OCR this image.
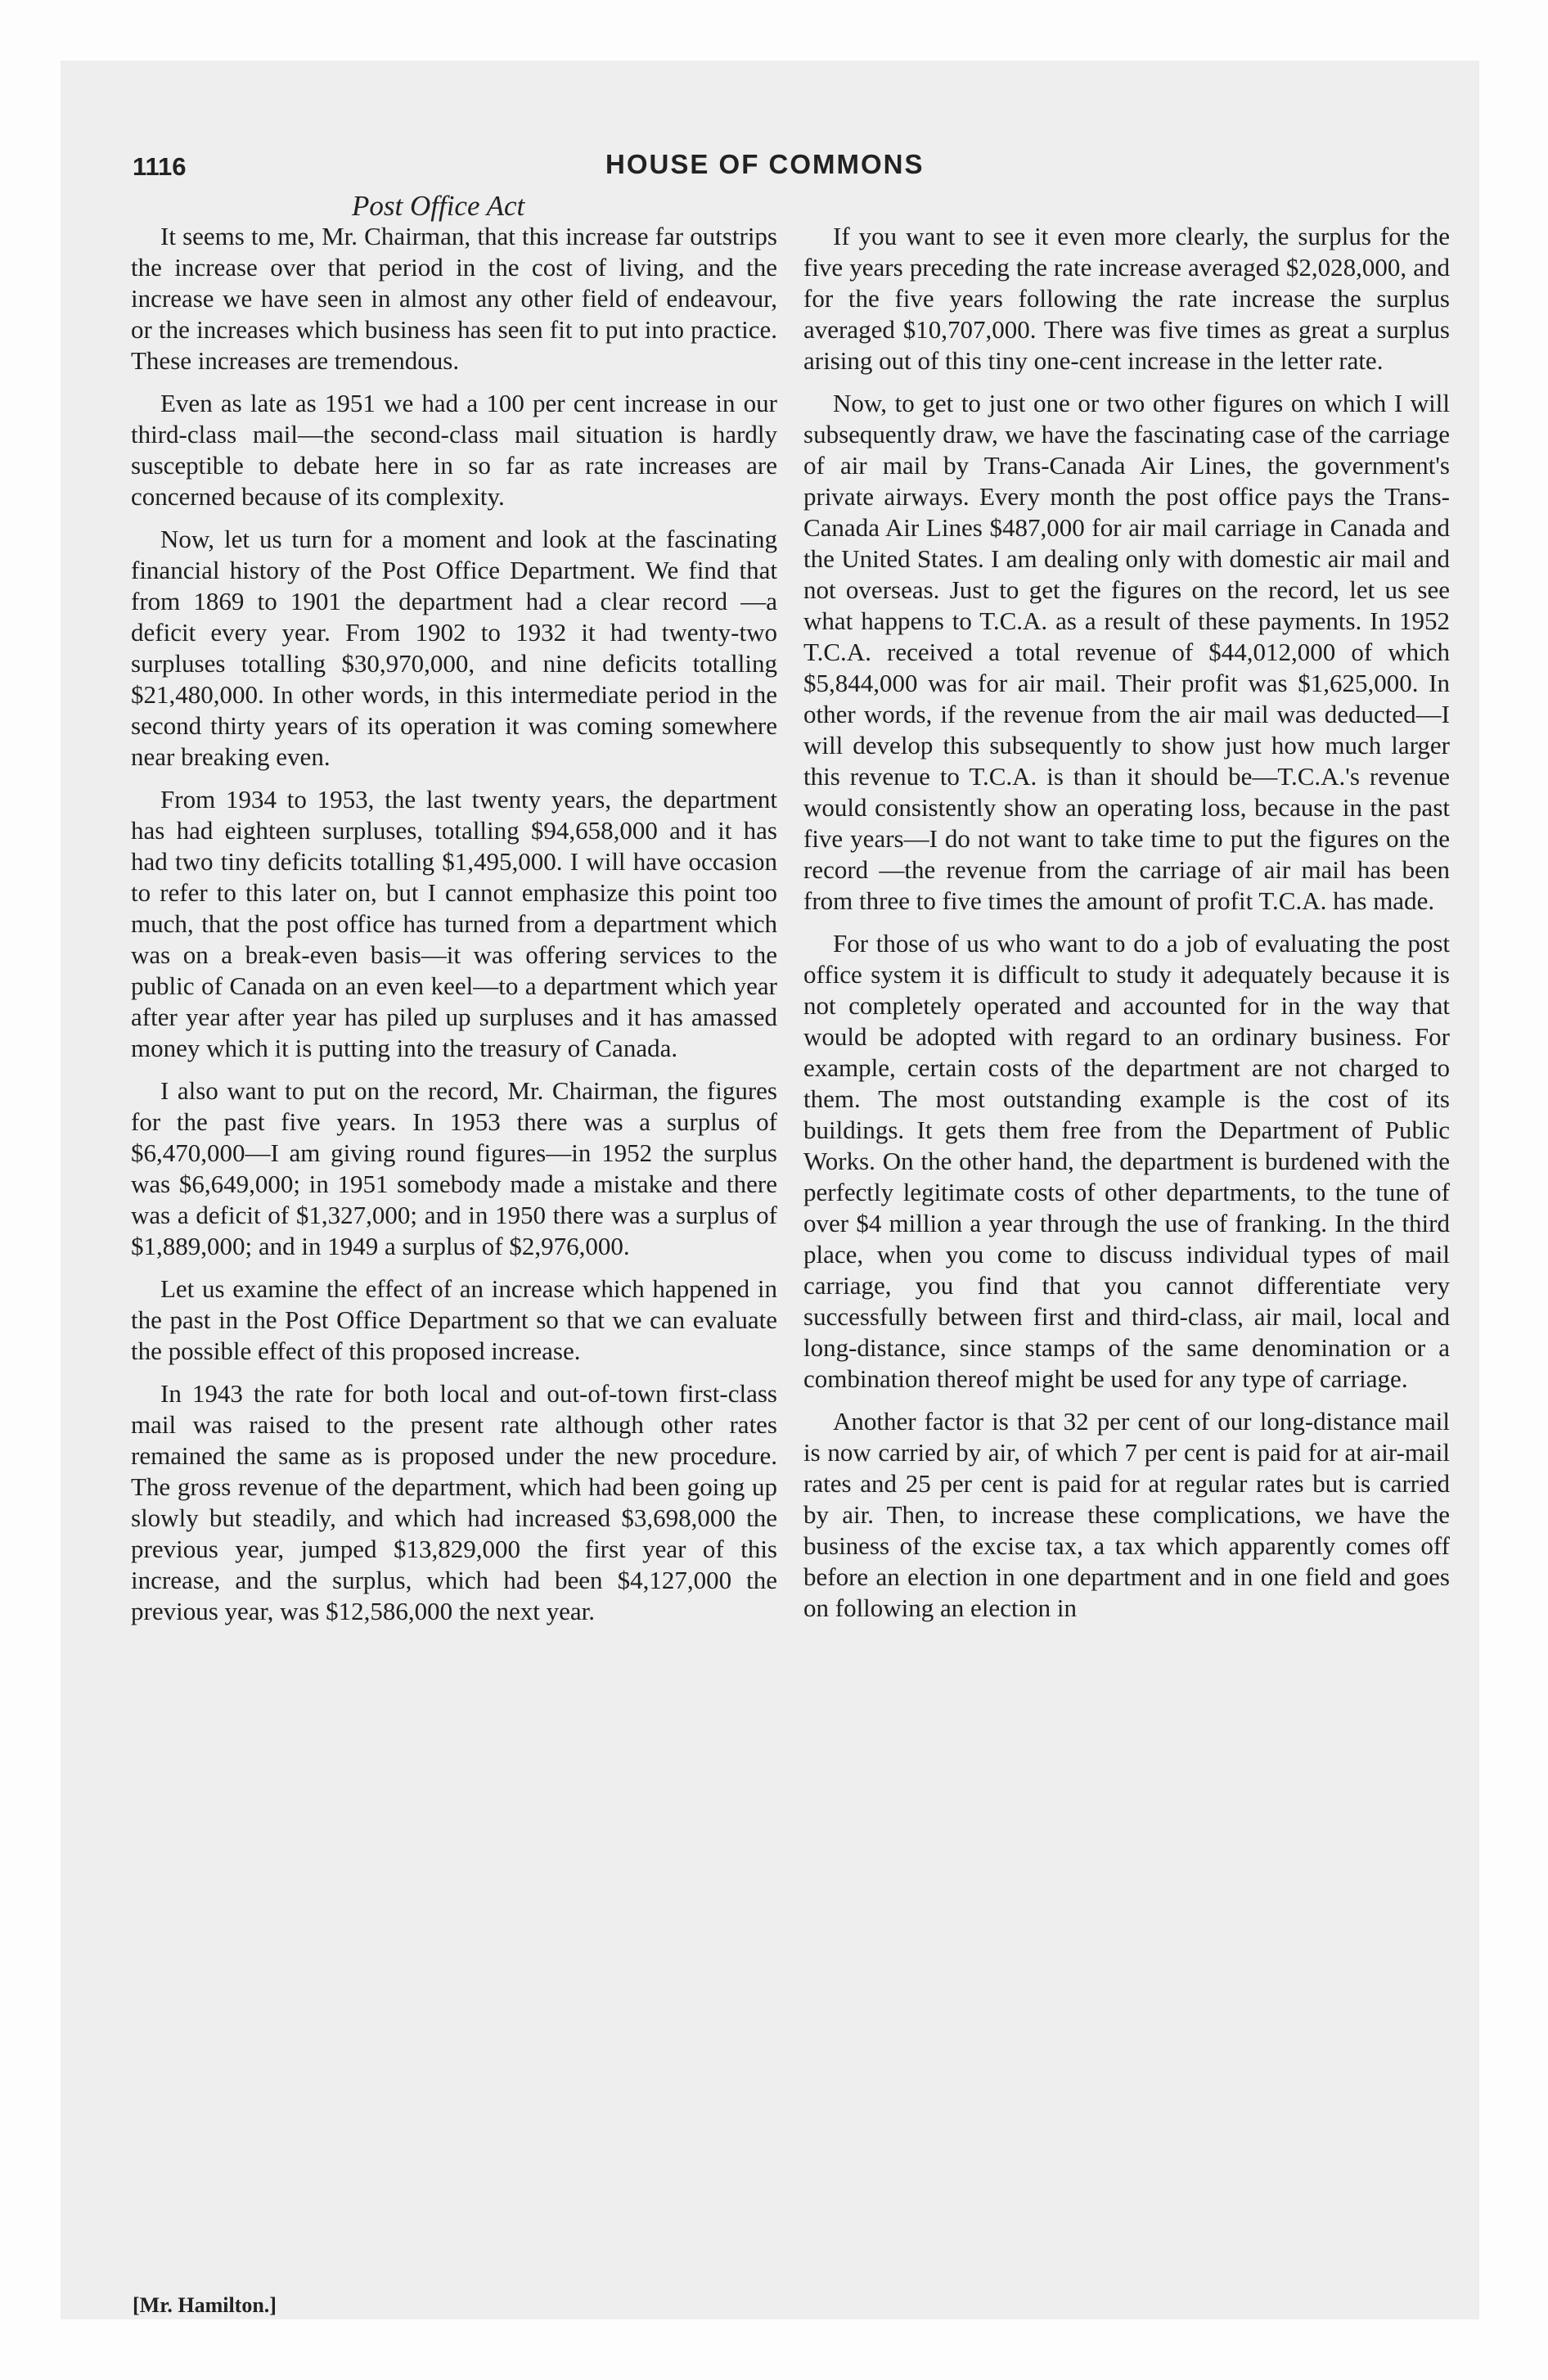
1116	HOUSE OF COMMONS
Post Office Act

It seems to me, Mr. Chairman, that this increase far outstrips the increase over that period in the cost of living, and the increase we have seen in almost any other field of endeavour, or the increases which business has seen fit to put into practice. These increases are tremendous.

Even as late as 1951 we had a 100 per cent increase in our third-class mail—the second-class mail situation is hardly susceptible to debate here in so far as rate increases are concerned because of its complexity.

Now, let us turn for a moment and look at the fascinating financial history of the Post Office Department. We find that from 1869 to 1901 the department had a clear record —a deficit every year. From 1902 to 1932 it had twenty-two surpluses totalling $30,970,000, and nine deficits totalling $21,480,000. In other words, in this intermediate period in the second thirty years of its operation it was coming somewhere near breaking even.

From 1934 to 1953, the last twenty years, the department has had eighteen surpluses, totalling $94,658,000 and it has had two tiny deficits totalling $1,495,000. I will have occasion to refer to this later on, but I cannot emphasize this point too much, that the post office has turned from a department which was on a break-even basis—it was offering services to the public of Canada on an even keel—to a department which year after year after year has piled up surpluses and it has amassed money which it is putting into the treasury of Canada.

I also want to put on the record, Mr. Chairman, the figures for the past five years. In 1953 there was a surplus of $6,470,000—I am giving round figures—in 1952 the surplus was $6,649,000; in 1951 somebody made a mistake and there was a deficit of $1,327,000; and in 1950 there was a surplus of $1,889,000; and in 1949 a surplus of $2,976,000.

Let us examine the effect of an increase which happened in the past in the Post Office Department so that we can evaluate the possible effect of this proposed increase.

In 1943 the rate for both local and out-of-town first-class mail was raised to the present rate although other rates remained the same as is proposed under the new procedure. The gross revenue of the department, which had been going up slowly but steadily, and which had increased $3,698,000 the previous year, jumped $13,829,000 the first year of this increase, and the surplus, which had been $4,127,000 the previous year, was $12,586,000 the next year.

If you want to see it even more clearly, the surplus for the five years preceding the rate increase averaged $2,028,000, and for the five years following the rate increase the surplus averaged $10,707,000. There was five times as great a surplus arising out of this tiny one-cent increase in the letter rate.

Now, to get to just one or two other figures on which I will subsequently draw, we have the fascinating case of the carriage of air mail by Trans-Canada Air Lines, the government's private airways. Every month the post office pays the Trans-Canada Air Lines $487,000 for air mail carriage in Canada and the United States. I am dealing only with domestic air mail and not overseas. Just to get the figures on the record, let us see what happens to T.C.A. as a result of these payments. In 1952 T.C.A. received a total revenue of $44,012,000 of which $5,844,000 was for air mail. Their profit was $1,625,000. In other words, if the revenue from the air mail was deducted—I will develop this subsequently to show just how much larger this revenue to T.C.A. is than it should be—T.C.A.'s revenue would consistently show an operating loss, because in the past five years—I do not want to take time to put the figures on the record —the revenue from the carriage of air mail has been from three to five times the amount of profit T.C.A. has made.

For those of us who want to do a job of evaluating the post office system it is difficult to study it adequately because it is not completely operated and accounted for in the way that would be adopted with regard to an ordinary business. For example, certain costs of the department are not charged to them. The most outstanding example is the cost of its buildings. It gets them free from the Department of Public Works. On the other hand, the department is burdened with the perfectly legitimate costs of other departments, to the tune of over $4 million a year through the use of franking. In the third place, when you come to discuss individual types of mail carriage, you find that you cannot differentiate very successfully between first and third-class, air mail, local and long-distance, since stamps of the same denomination or a combination thereof might be used for any type of carriage.

Another factor is that 32 per cent of our long-distance mail is now carried by air, of which 7 per cent is paid for at air-mail rates and 25 per cent is paid for at regular rates but is carried by air. Then, to increase these complications, we have the business of the excise tax, a tax which apparently comes off before an election in one department and in one field and goes on following an election in

[Mr. Hamilton.]
